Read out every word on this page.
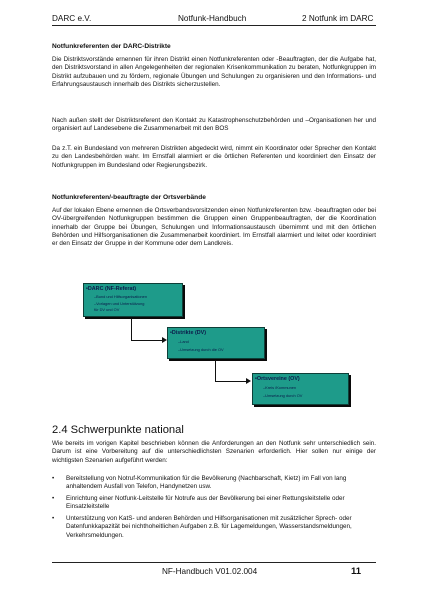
DARC e.V.	Notfunk-Handbuch	2 Notfunk im DARC
Notfunkreferenten der DARC-Distrikte

Die Distriktsvorstände ernennen für ihren Distrikt einen Notfunkreferenten oder -Beauftragten, der die Aufgabe hat, den Distriktsvorstand in allen Angelegenheiten der regionalen Krisenkommunikation zu beraten, Notfunkgruppen im Distrikt aufzubauen und zu fördern, regionale Übungen und Schulungen zu organisieren und den Informations- und Erfahrungsaustausch innerhalb des Distrikts sicherzustellen.

Nach außen stellt der Distriktsreferent den Kontakt zu Katastrophenschutzbehörden und –Organisationen her und organisiert auf Landesebene die Zusammenarbeit mit den BOS

Da z.T. ein Bundesland von mehreren Distrikten abgedeckt wird, nimmt ein Koordinator oder Sprecher den Kontakt zu den Landesbehörden wahr. Im Ernstfall alarmiert er die örtlichen Referenten und koordiniert den Einsatz der Notfunkgruppen im Bundesland oder Regierungsbezirk.

Notfunkreferenten/-beauftragte der Ortsverbände

Auf der lokalen Ebene ernennen die Ortsverbandsvorsitzenden einen Notfunkreferenten bzw. -beauftragten oder bei OV-übergreifenden Notfunkgruppen bestimmen die Gruppen einen Gruppenbeauftragten, der die Koordination innerhalb der Gruppe bei Übungen, Schulungen und Informationsaustausch übernimmt und mit den örtlichen Behörden und Hilfsorganisationen die Zusammenarbeit koordiniert. Im Ernstfall alarmiert und leitet oder koordiniert er den Einsatz der Gruppe in der Kommune oder dem Landkreis.

•DARC (NF-Referat)
–Bund und Hilfsorganisationen
–Vorlagen und Unterstützung
für DV und OV
•Distrikte (DV)
–Land
–Umsetzung durch die OV
•Ortsvereine (OV)
–Kreis /Kommunen
–Umsetzung durch OV
2.4 Schwerpunkte national

Wie bereits im vorigen Kapitel beschrieben können die Anforderungen an den Notfunk sehr unterschiedlich sein. Darum ist eine Vorbereitung auf die unterschiedlichsten Szenarien erforderlich. Hier sollen nur einige der wichtigsten Szenarien aufgeführt werden:

• Bereitstellung von Notruf-Kommunikation für die Bevölkerung (Nachbarschaft, Kietz) im Fall von lang anhaltendem Ausfall von Telefon, Handynetzen usw.
• Einrichtung einer Notfunk-Leitstelle für Notrufe aus der Bevölkerung bei einer Rettungsleitstelle oder Einsatzleitstelle
• Unterstützung von KatS- und anderen Behörden und Hilfsorganisationen mit zusätzlicher Sprech- oder Datenfunkkapazität bei nichthoheitlichen Aufgaben z.B. für Lagemeldungen, Wasserstandsmeldungen, Verkehrsmeldungen.
NF-Handbuch V01.02.004	11
